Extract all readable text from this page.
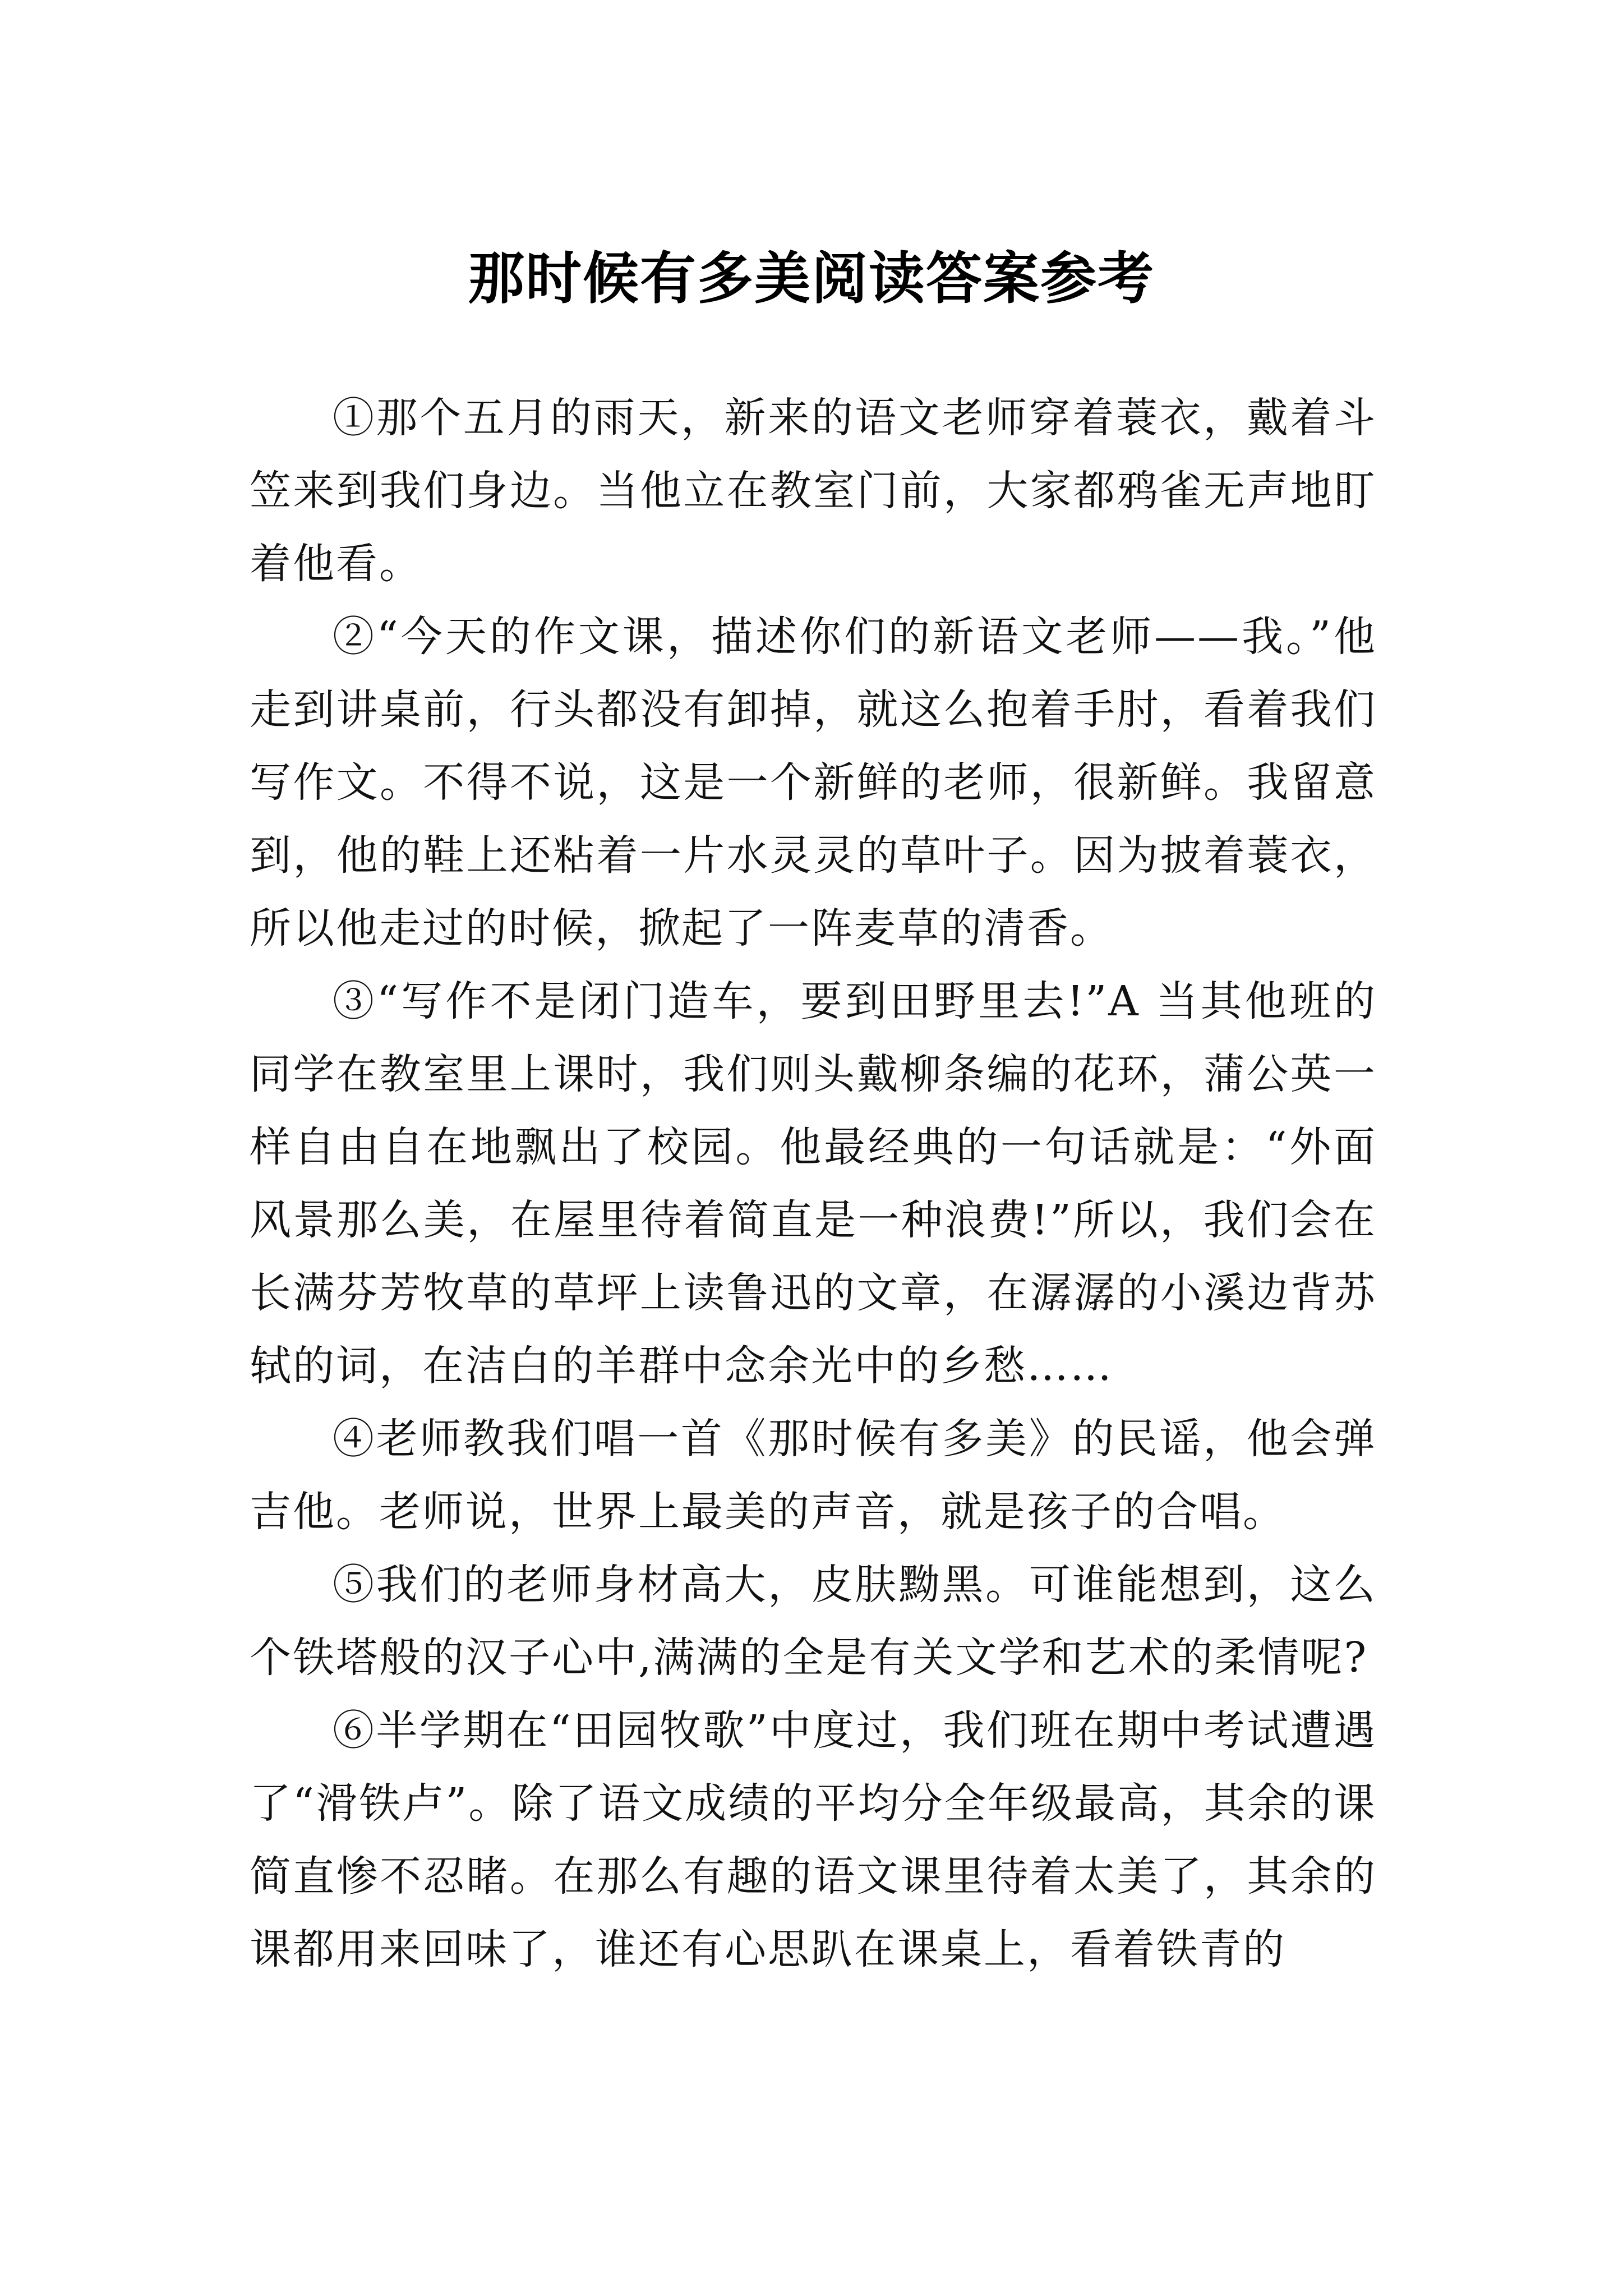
那时候有多美阅读答案参考

①那个五月的雨天，新来的语文老师穿着蓑衣，戴着斗笠来到我们身边。当他立在教室门前，大家都鸦雀无声地盯着他看。

②“今天的作文课，描述你们的新语文老师——我。”他走到讲桌前，行头都没有卸掉，就这么抱着手肘，看着我们写作文。不得不说，这是一个新鲜的老师，很新鲜。我留意到，他的鞋上还粘着一片水灵灵的草叶子。因为披着蓑衣，所以他走过的时候，掀起了一阵麦草的清香。

③“写作不是闭门造车，要到田野里去!”A 当其他班的同学在教室里上课时，我们则头戴柳条编的花环，蒲公英一样自由自在地飘出了校园。他最经典的一句话就是：“外面风景那么美，在屋里待着简直是一种浪费!”所以，我们会在长满芬芳牧草的草坪上读鲁迅的文章，在潺潺的小溪边背苏轼的词，在洁白的羊群中念余光中的乡愁……

④老师教我们唱一首《那时候有多美》的民谣，他会弹吉他。老师说，世界上最美的声音，就是孩子的合唱。

⑤我们的老师身材高大，皮肤黝黑。可谁能想到，这么个铁塔般的汉子心中,满满的全是有关文学和艺术的柔情呢?

⑥半学期在“田园牧歌”中度过，我们班在期中考试遭遇了“滑铁卢”。除了语文成绩的平均分全年级最高，其余的课简直惨不忍睹。在那么有趣的语文课里待着太美了，其余的课都用来回味了，谁还有心思趴在课桌上，看着铁青的
